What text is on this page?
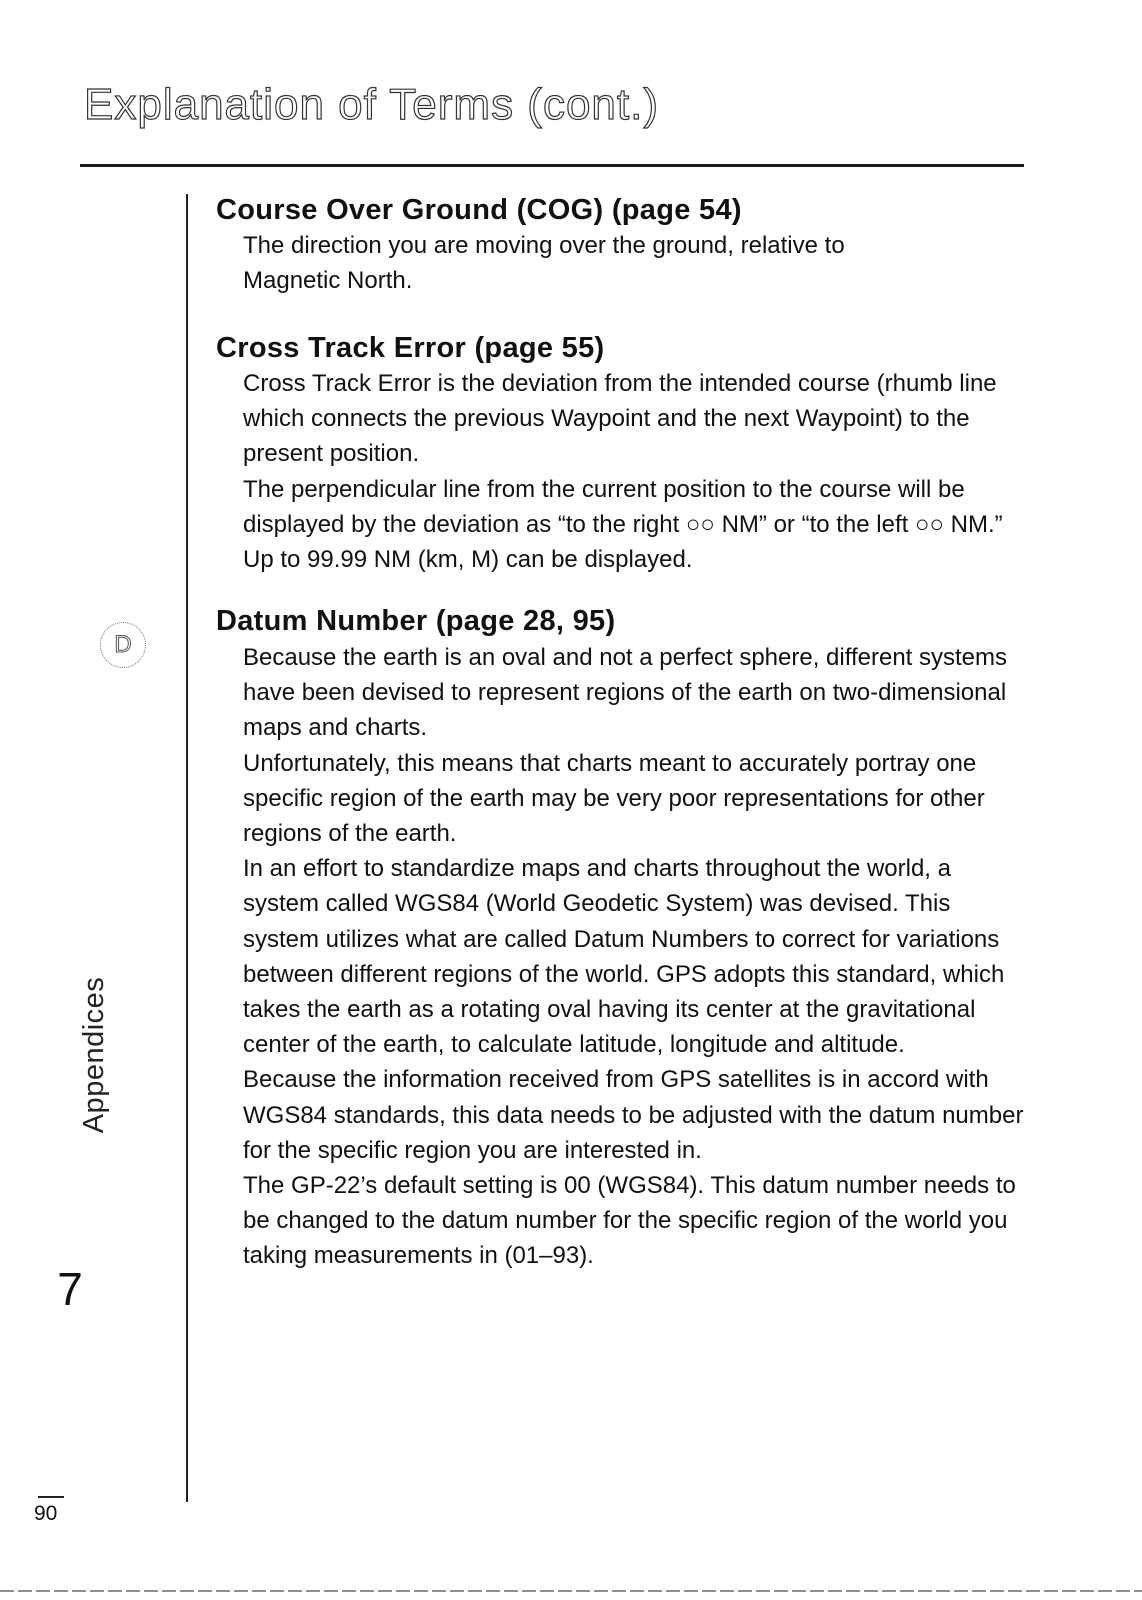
Explanation of Terms (cont.)
D
Appendices
7
90
Course Over Ground (COG) (page 54)

The direction you are moving over the ground, relative to Magnetic North.

Cross Track Error (page 55)

Cross Track Error is the deviation from the intended course (rhumb line which connects the previous Waypoint and the next Waypoint) to the present position.

The perpendicular line from the current position to the course will be displayed by the deviation as “to the right ○○ NM” or “to the left ○○ NM.” Up to 99.99 NM (km, M) can be displayed.

Datum Number (page 28, 95)

Because the earth is an oval and not a perfect sphere, different systems have been devised to represent regions of the earth on two-dimensional maps and charts.

Unfortunately, this means that charts meant to accurately portray one specific region of the earth may be very poor representations for other regions of the earth.

In an effort to standardize maps and charts throughout the world, a system called WGS84 (World Geodetic System) was devised. This system utilizes what are called Datum Numbers to correct for variations between different regions of the world. GPS adopts this standard, which takes the earth as a rotating oval having its center at the gravitational center of the earth, to calculate latitude, longitude and altitude.

Because the information received from GPS satellites is in accord with WGS84 standards, this data needs to be adjusted with the datum number for the specific region you are interested in.

The GP-22’s default setting is 00 (WGS84). This datum number needs to be changed to the datum number for the specific region of the world you taking measurements in (01–93).
